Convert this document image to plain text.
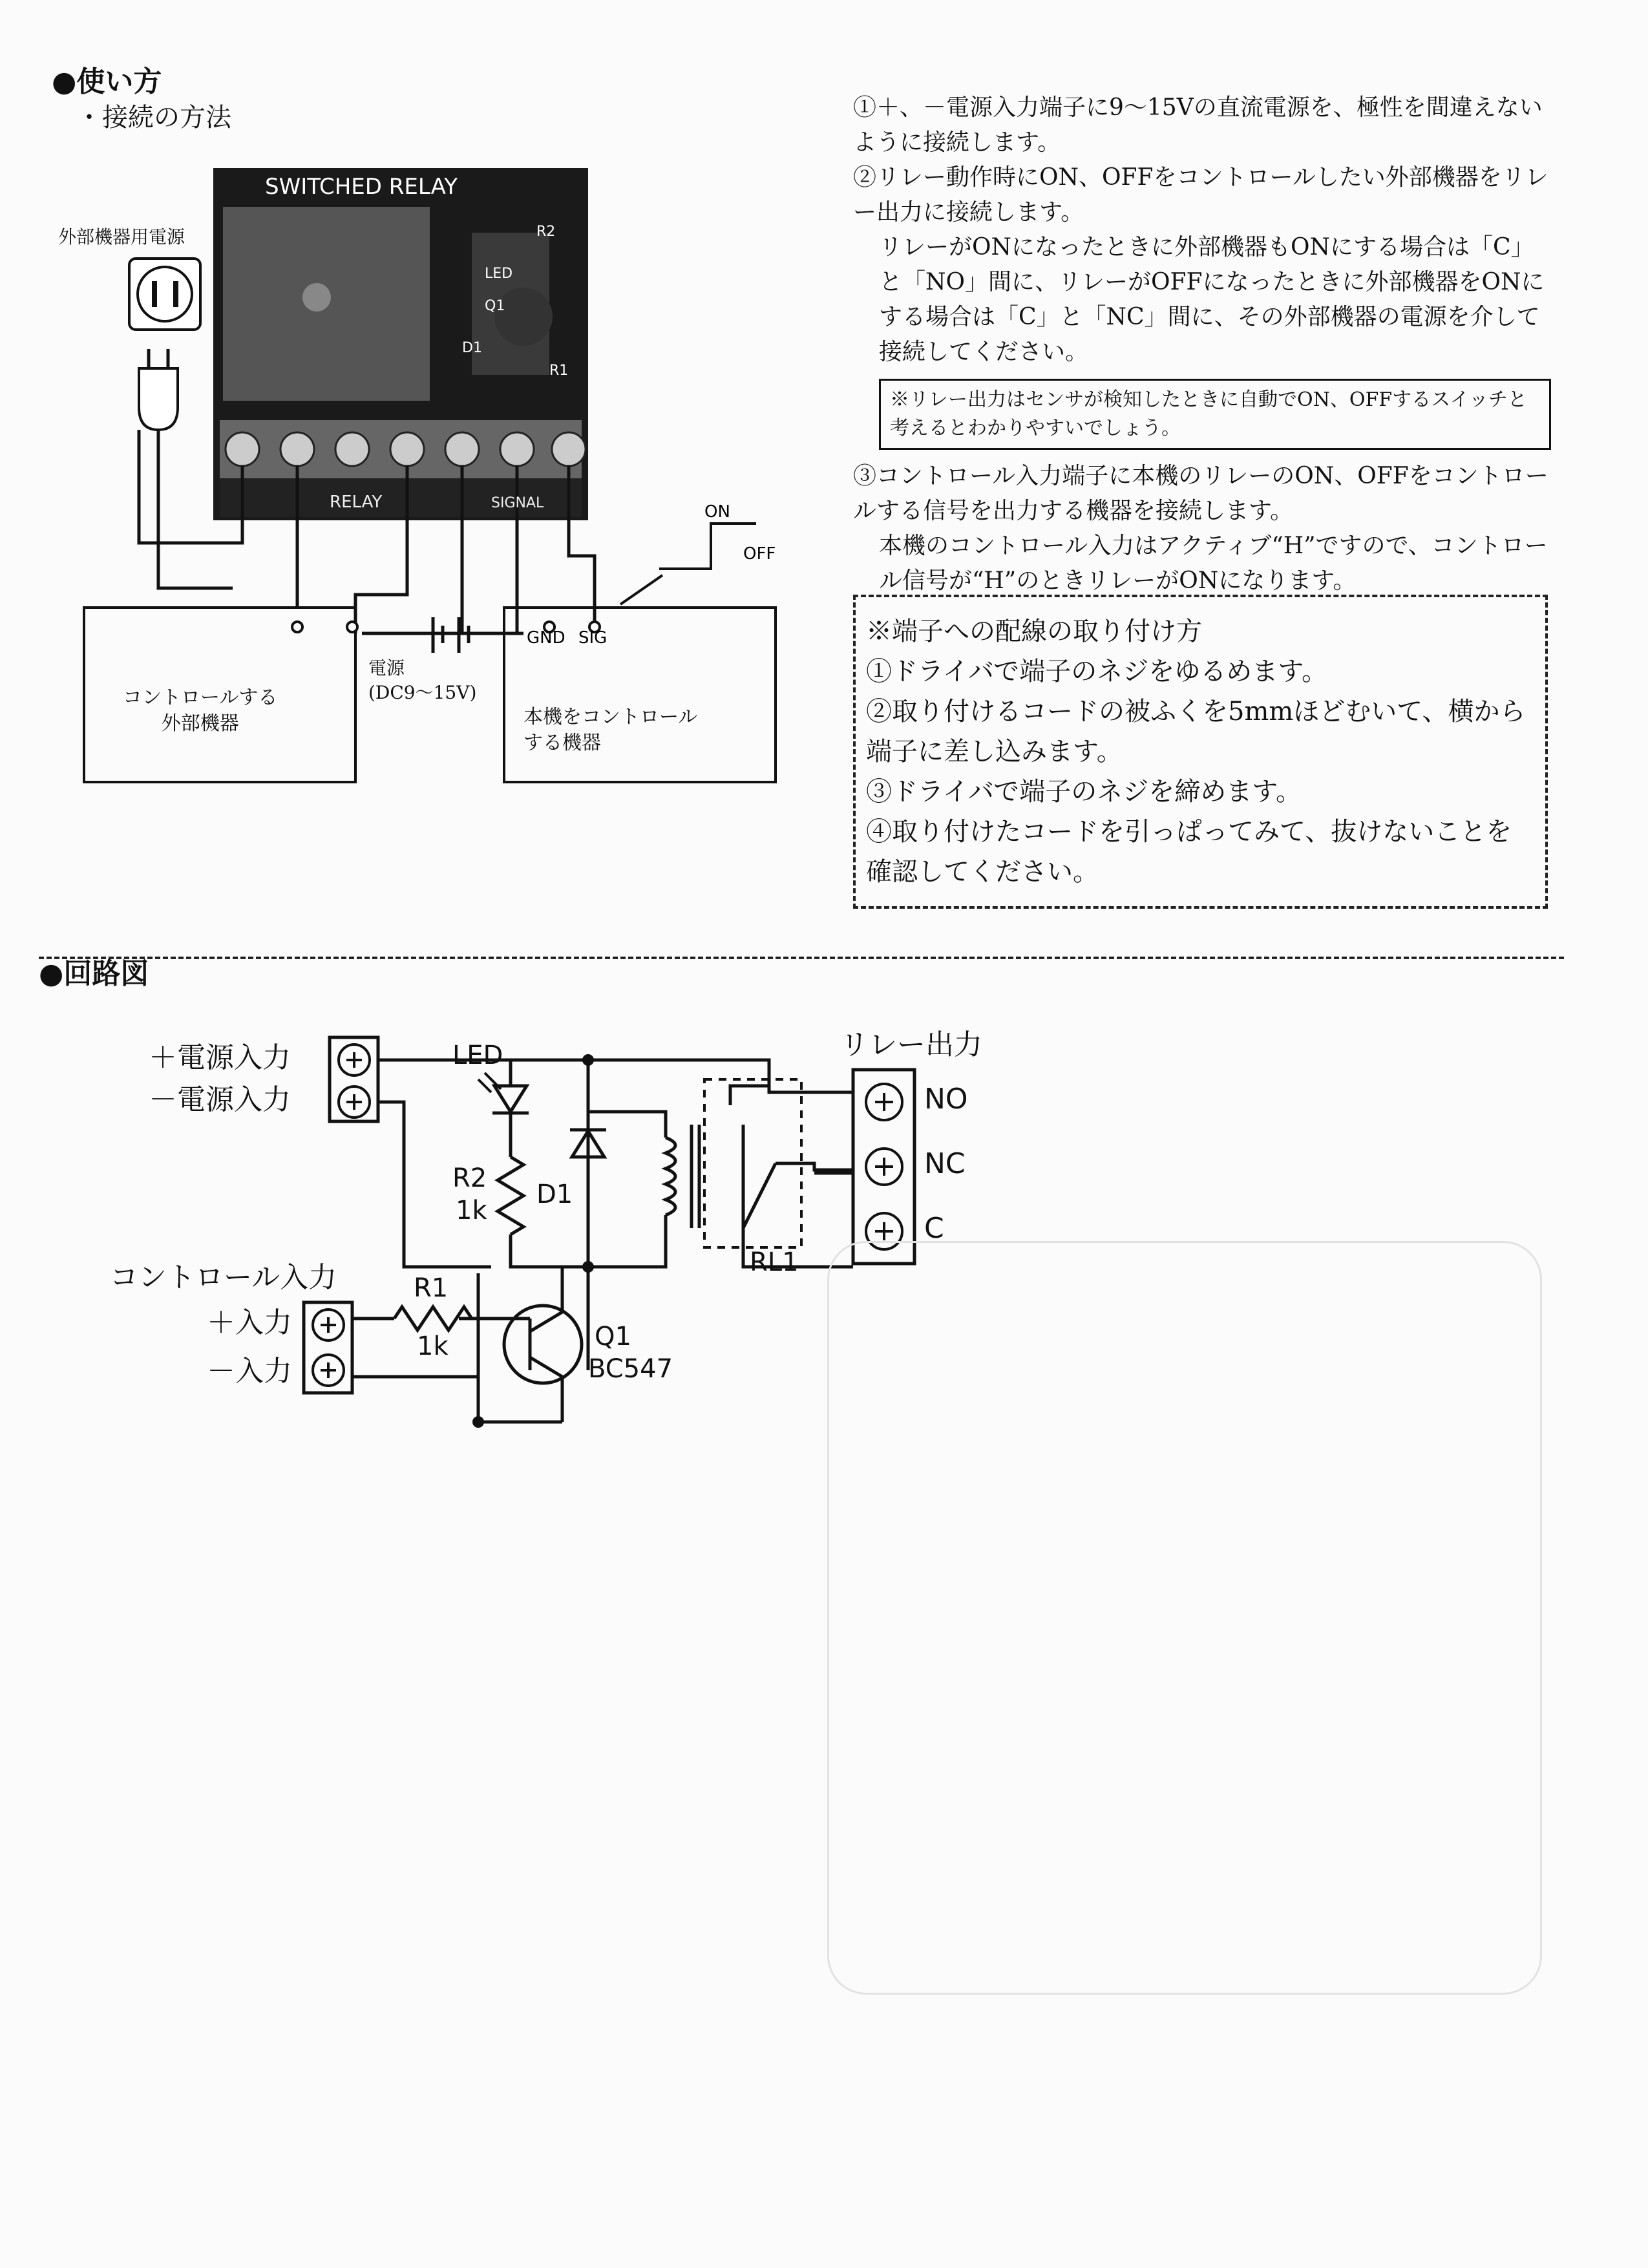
●使い方
・接続の方法
SWITCHED RELAY
R2
LED
Q1
D1
R1
RELAY	SIGNAL
GND SIG
ON
OFF
外部機器用電源
コントロールする
外部機器
電源
(DC9～15V)
本機をコントロール
する機器

①＋、－電源入力端子に9～15Vの直流電源を、極性を間違えないように接続します。

②リレー動作時にON、OFFをコントロールしたい外部機器をリレー出力に接続します。

リレーがONになったときに外部機器もONにする場合は「C」と「NO」間に、リレーがOFFになったときに外部機器をONにする場合は「C」と「NC」間に、その外部機器の電源を介して接続してください。

※リレー出力はセンサが検知したときに自動でON、OFFするスイッチと考えるとわかりやすいでしょう。

③コントロール入力端子に本機のリレーのON、OFFをコントロールする信号を出力する機器を接続します。

本機のコントロール入力はアクティブ“H”ですので、コントロール信号が“H”のときリレーがONになります。

※端子への配線の取り付け方

①ドライバで端子のネジをゆるめます。

②取り付けるコードの被ふくを5mmほどむいて、横から端子に差し込みます。

③ドライバで端子のネジを締めます。

④取り付けたコードを引っぱってみて、抜けないことを確認してください。

●回路図
＋電源入力
－電源入力
コントロール入力
＋入力
－入力
リレー出力
NO
NC
C
LED
R2
1k
D1
R1
1k	Q1
BC547
RL1
